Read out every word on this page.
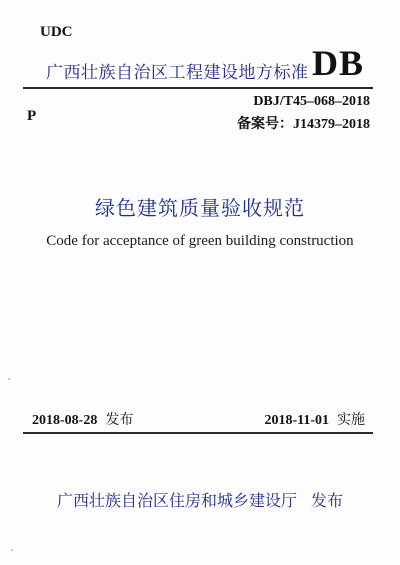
UDC
广西壮族自治区工程建设地方标准 DB
P
DBJ/T45–068–2018
备案号：J14379–2018
绿色建筑质量验收规范
Code for acceptance of green building construction
2018-08-28 发布	2018-11-01 实施
广西壮族自治区住房和城乡建设厅 发布
